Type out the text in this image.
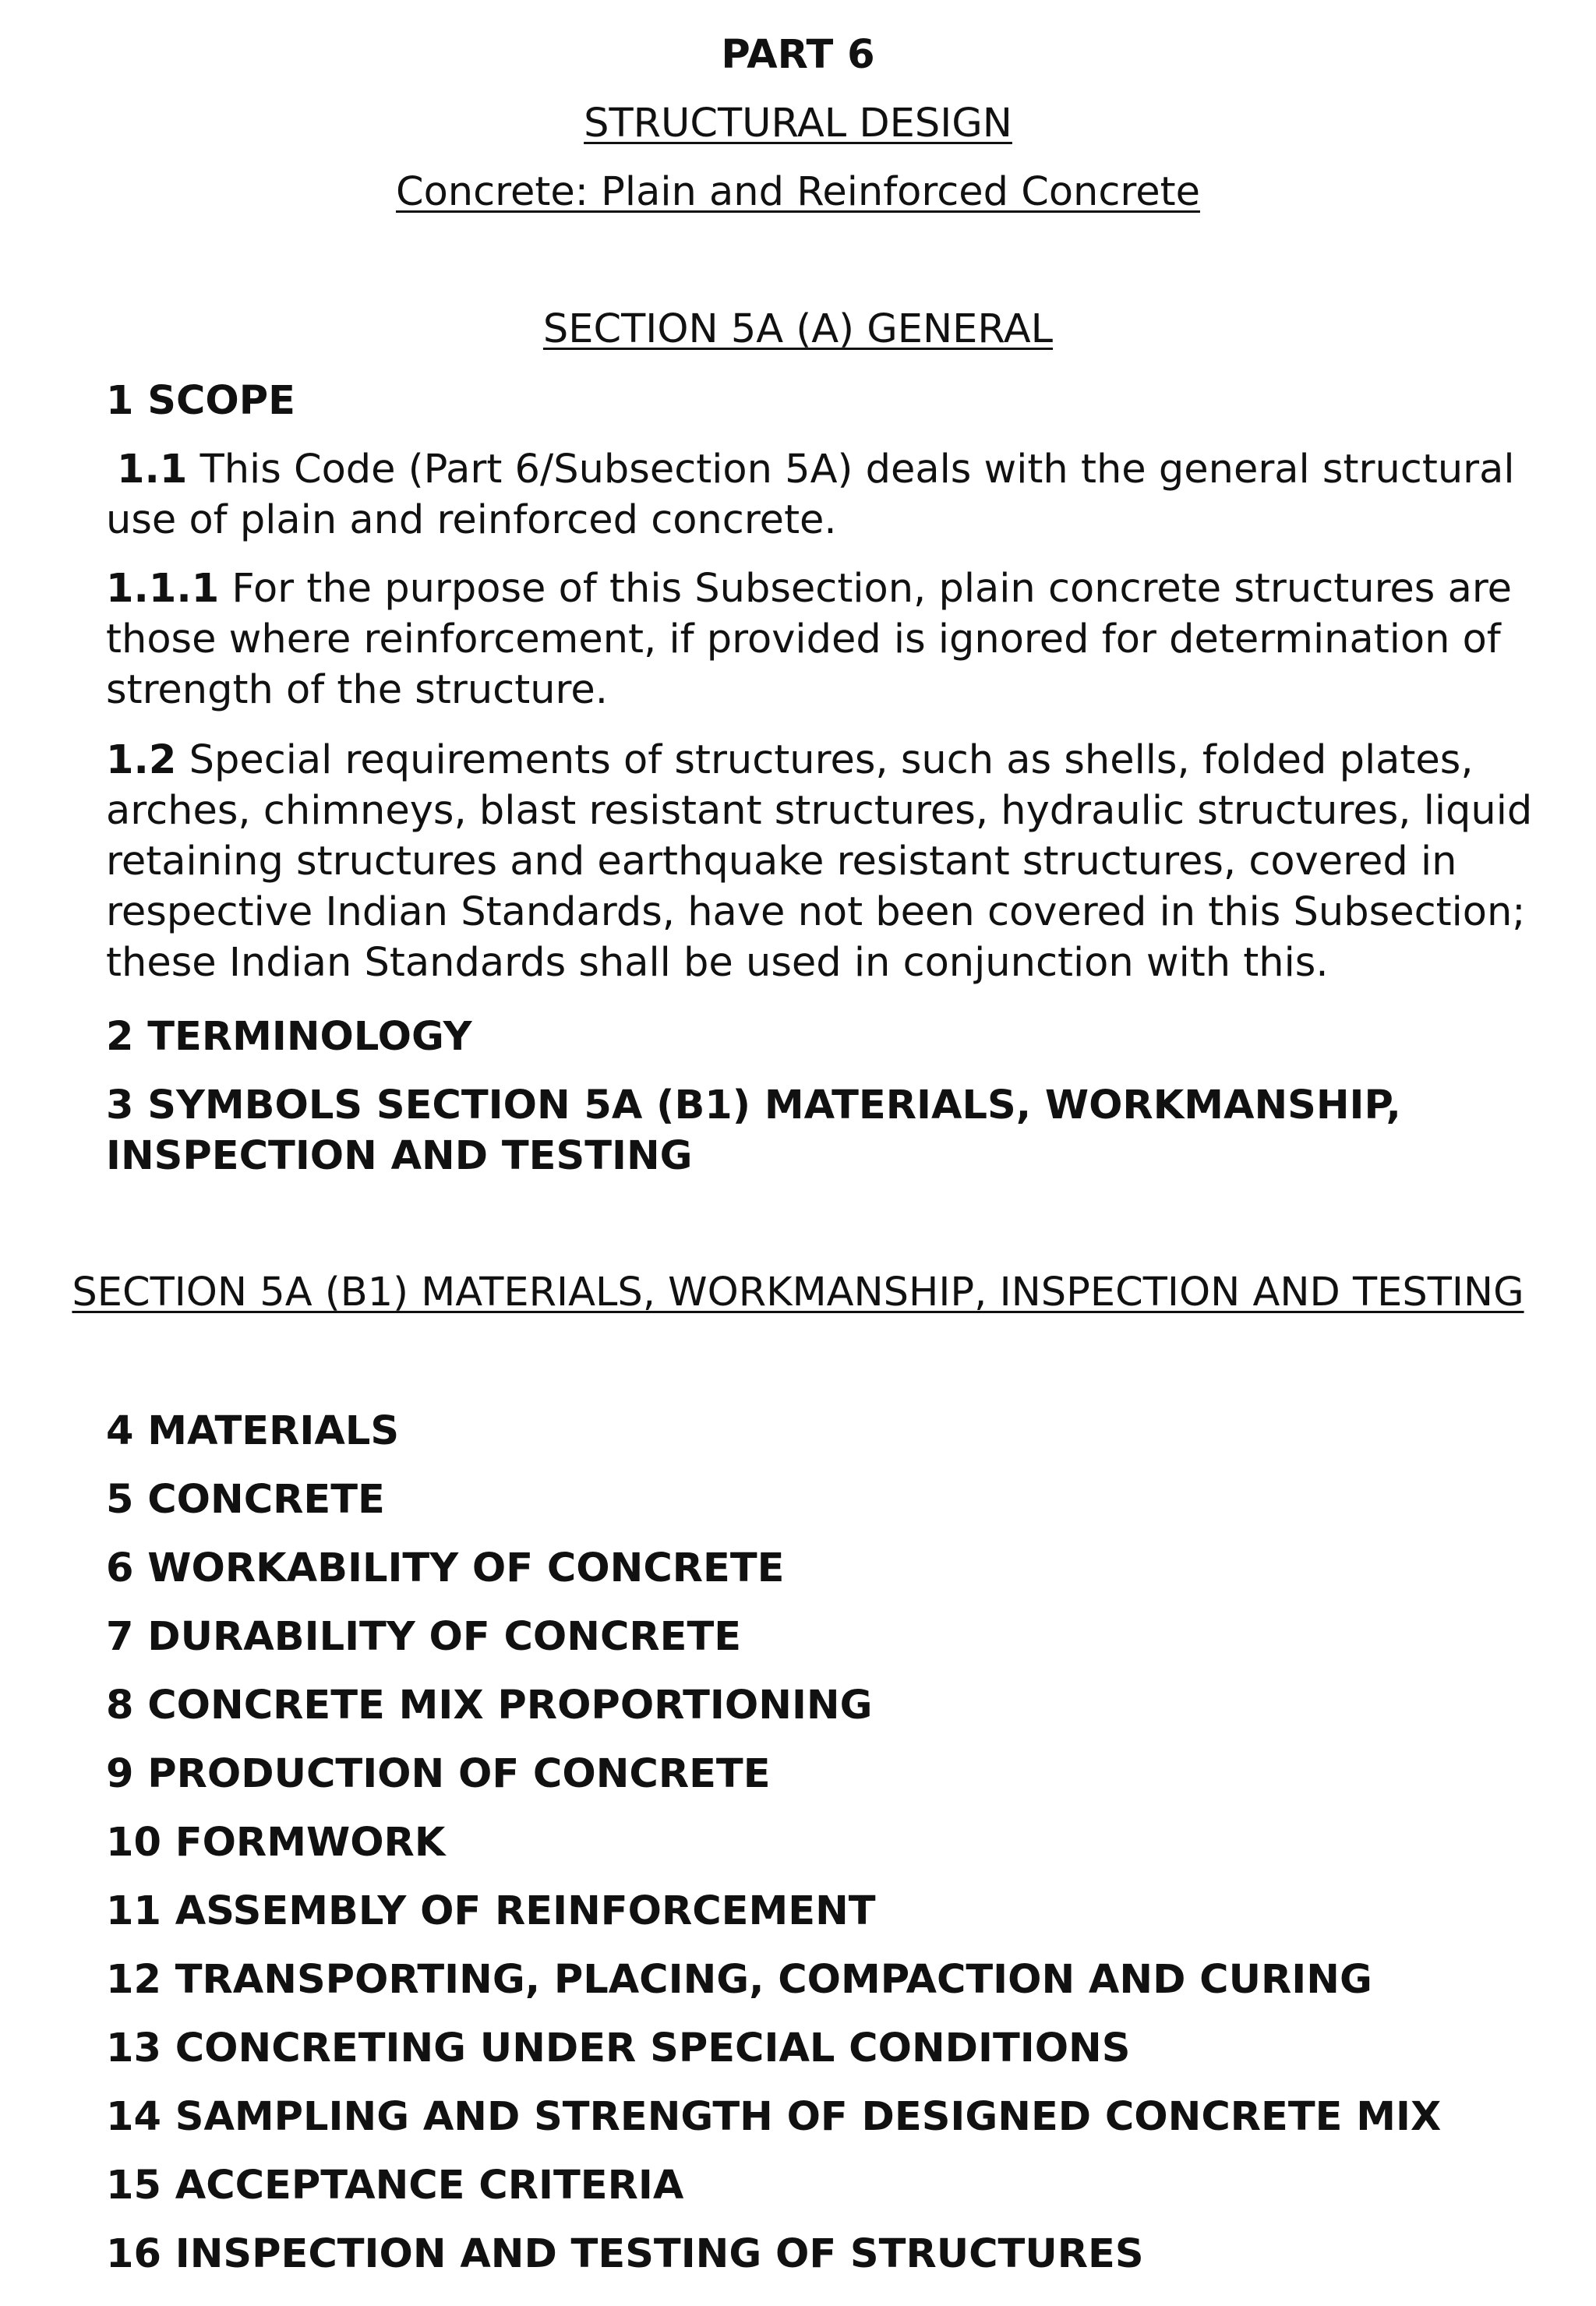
PART 6
STRUCTURAL DESIGN
Concrete: Plain and Reinforced Concrete
SECTION 5A (A) GENERAL
1 SCOPE
1.1 This Code (Part 6/Subsection 5A) deals with the general structural use of plain and reinforced concrete.
1.1.1 For the purpose of this Subsection, plain concrete structures are those where reinforcement, if provided is ignored for determination of strength of the structure.
1.2 Special requirements of structures, such as shells, folded plates, arches, chimneys, blast resistant structures, hydraulic structures, liquid retaining structures and earthquake resistant structures, covered in respective Indian Standards, have not been covered in this Subsection; these Indian Standards shall be used in conjunction with this.
2 TERMINOLOGY
3 SYMBOLS SECTION 5A (B1) MATERIALS, WORKMANSHIP, INSPECTION AND TESTING
SECTION 5A (B1) MATERIALS, WORKMANSHIP, INSPECTION AND TESTING
4 MATERIALS
5 CONCRETE
6 WORKABILITY OF CONCRETE
7 DURABILITY OF CONCRETE
8 CONCRETE MIX PROPORTIONING
9 PRODUCTION OF CONCRETE
10 FORMWORK
11 ASSEMBLY OF REINFORCEMENT
12 TRANSPORTING, PLACING, COMPACTION AND CURING
13 CONCRETING UNDER SPECIAL CONDITIONS
14 SAMPLING AND STRENGTH OF DESIGNED CONCRETE MIX
15 ACCEPTANCE CRITERIA
16 INSPECTION AND TESTING OF STRUCTURES
